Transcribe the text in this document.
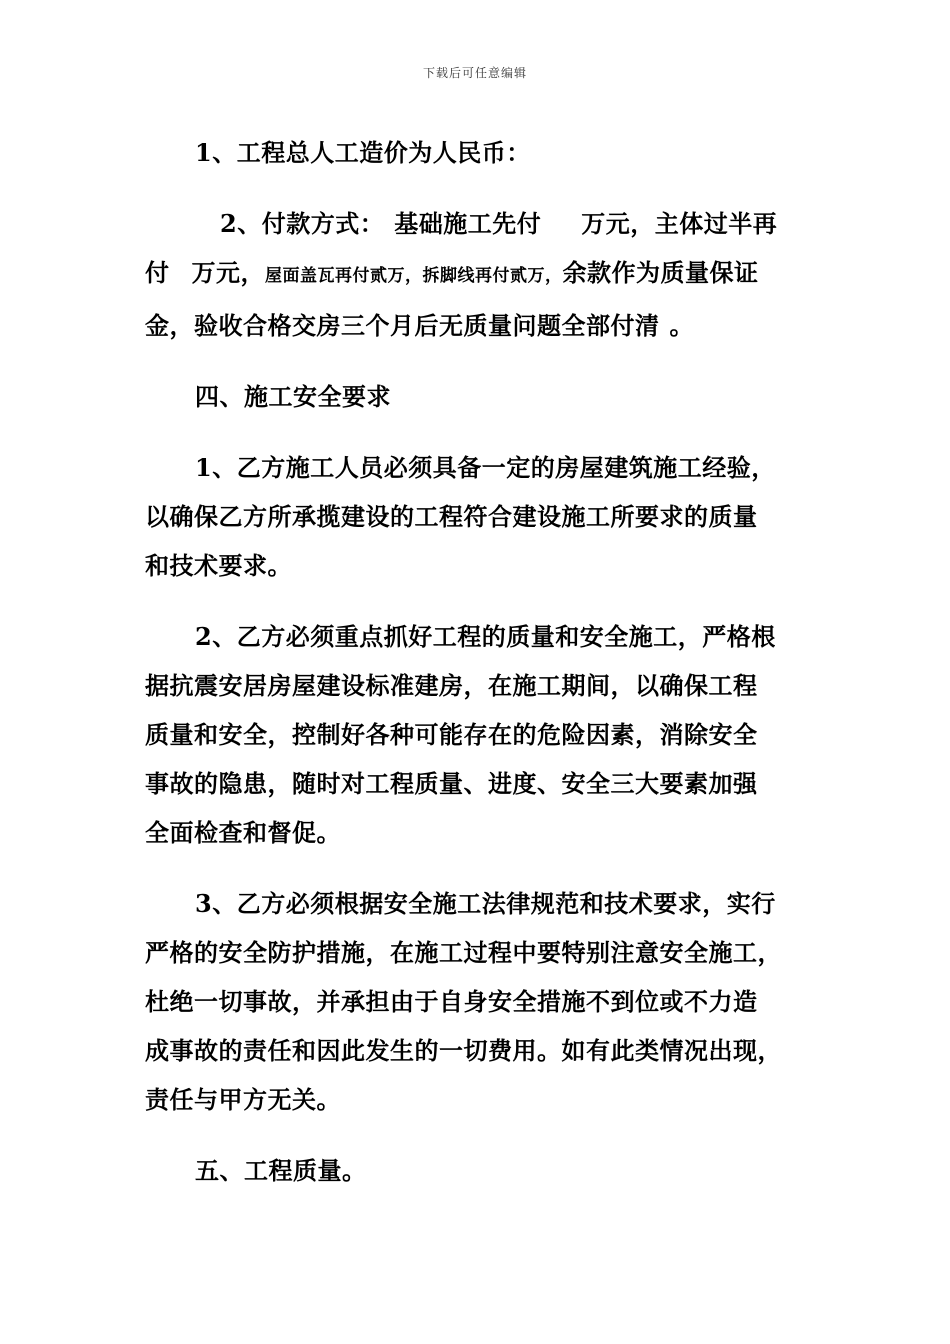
下载后可任意编辑
1、工程总人工造价为人民币：
2、付款方式： 基础施工先付 万元，主体过半再
付 万元，屋面盖瓦再付贰万，拆脚线再付贰万，余款作为质量保证
金，验收合格交房三个月后无质量问题全部付清 。
四、施工安全要求
1、乙方施工人员必须具备一定的房屋建筑施工经验，
以确保乙方所承揽建设的工程符合建设施工所要求的质量
和技术要求。
2、乙方必须重点抓好工程的质量和安全施工，严格根
据抗震安居房屋建设标准建房，在施工期间，以确保工程
质量和安全，控制好各种可能存在的危险因素，消除安全
事故的隐患，随时对工程质量、进度、安全三大要素加强
全面检查和督促。
3、乙方必须根据安全施工法律规范和技术要求，实行
严格的安全防护措施，在施工过程中要特别注意安全施工，
杜绝一切事故，并承担由于自身安全措施不到位或不力造
成事故的责任和因此发生的一切费用。如有此类情况出现，
责任与甲方无关。
五、工程质量。
